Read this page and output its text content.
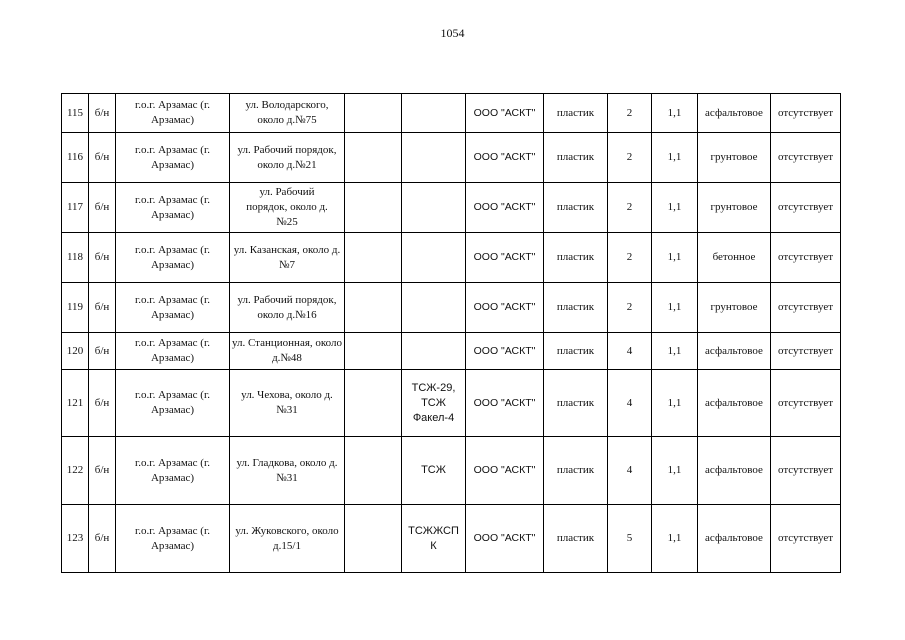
1054
115	б/н	г.о.г. Арзамас (г. Арзамас)	ул. Володарского, около д.№75			ООО "АСКТ"	пластик	2	1,1	асфальтовое	отсутствует
116	б/н	г.о.г. Арзамас (г. Арзамас)	ул. Рабочий порядок, около д.№21			ООО "АСКТ"	пластик	2	1,1	грунтовое	отсутствует
117	б/н	г.о.г. Арзамас (г. Арзамас)	ул. Рабочий порядок, около д.№25			ООО "АСКТ"	пластик	2	1,1	грунтовое	отсутствует
118	б/н	г.о.г. Арзамас (г. Арзамас)	ул. Казанская, около д.№7			ООО "АСКТ"	пластик	2	1,1	бетонное	отсутствует
119	б/н	г.о.г. Арзамас (г. Арзамас)	ул. Рабочий порядок, около д.№16			ООО "АСКТ"	пластик	2	1,1	грунтовое	отсутствует
120	б/н	г.о.г. Арзамас (г. Арзамас)	ул. Станционная, около д.№48			ООО "АСКТ"	пластик	4	1,1	асфальтовое	отсутствует
121	б/н	г.о.г. Арзамас (г. Арзамас)	ул. Чехова, около д.№31		ТСЖ-29, ТСЖ Факел-4	ООО "АСКТ"	пластик	4	1,1	асфальтовое	отсутствует
122	б/н	г.о.г. Арзамас (г. Арзамас)	ул. Гладкова, около д.№31		ТСЖ	ООО "АСКТ"	пластик	4	1,1	асфальтовое	отсутствует
123	б/н	г.о.г. Арзамас (г. Арзамас)	ул. Жуковского, около д.15/1		ТСЖЖСПК	ООО "АСКТ"	пластик	5	1,1	асфальтовое	отсутствует
